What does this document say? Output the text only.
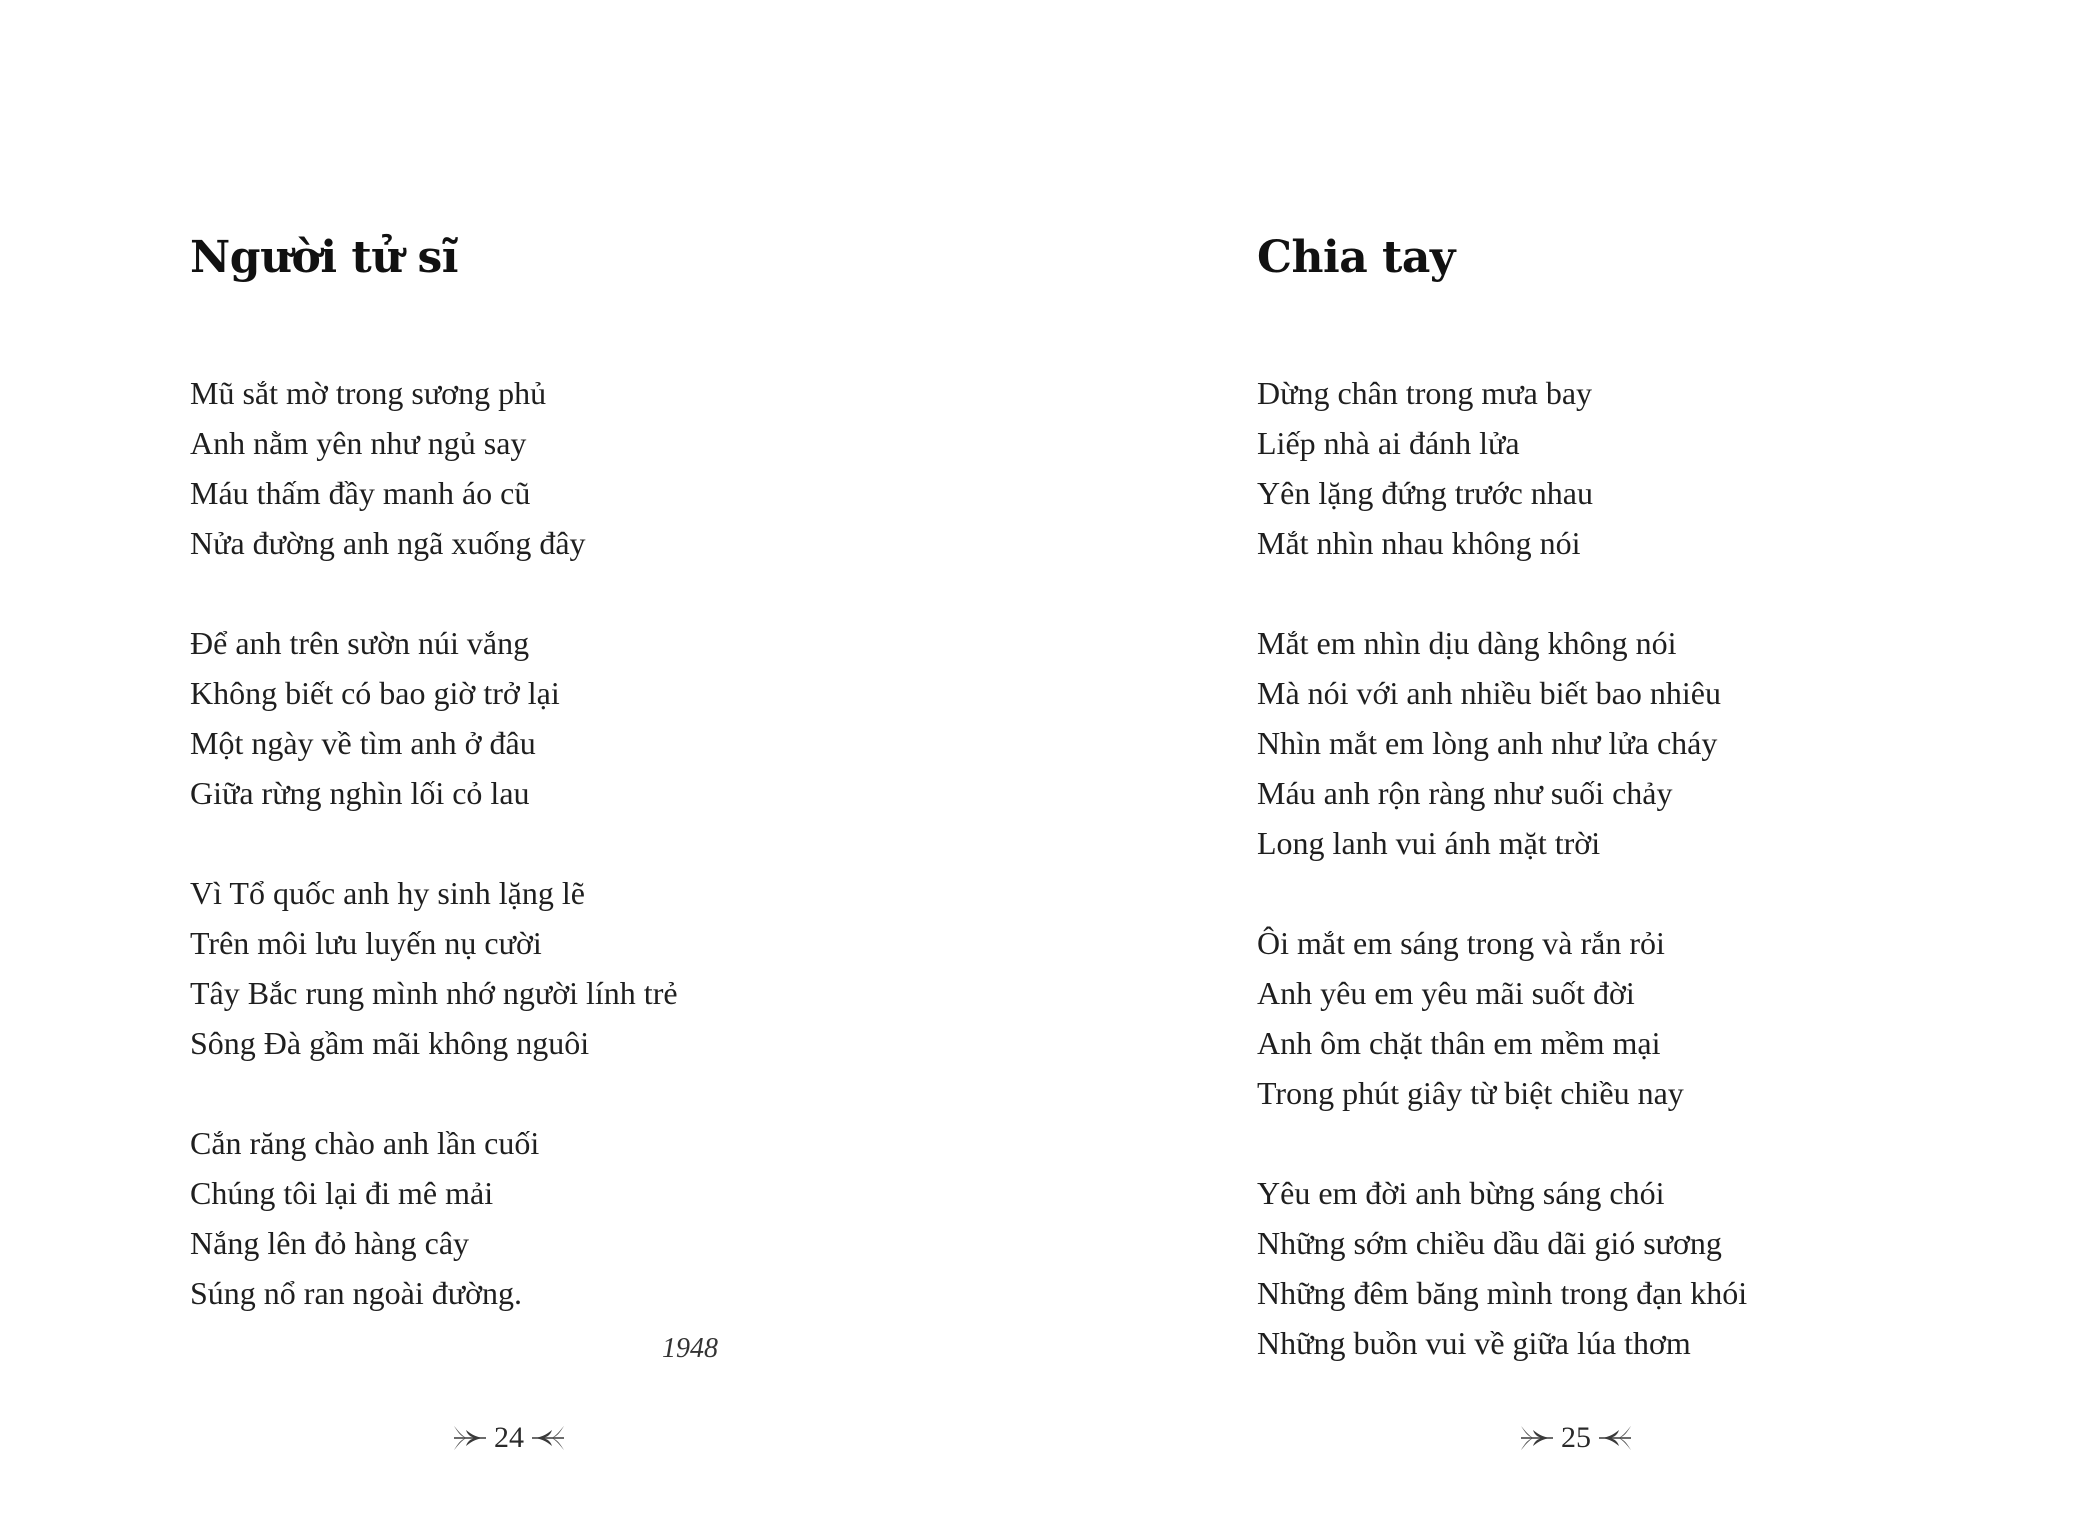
Người tử sĩ
Mũ sắt mờ trong sương phủ
Anh nằm yên như ngủ say
Máu thấm đầy manh áo cũ
Nửa đường anh ngã xuống đây
Để anh trên sườn núi vắng
Không biết có bao giờ trở lại
Một ngày về tìm anh ở đâu
Giữa rừng nghìn lối cỏ lau
Vì Tổ quốc anh hy sinh lặng lẽ
Trên môi lưu luyến nụ cười
Tây Bắc rung mình nhớ người lính trẻ
Sông Đà gầm mãi không nguôi
Cắn răng chào anh lần cuối
Chúng tôi lại đi mê mải
Nắng lên đỏ hàng cây
Súng nổ ran ngoài đường.
1948
24
Chia tay
Dừng chân trong mưa bay
Liếp nhà ai đánh lửa
Yên lặng đứng trước nhau
Mắt nhìn nhau không nói
Mắt em nhìn dịu dàng không nói
Mà nói với anh nhiều biết bao nhiêu
Nhìn mắt em lòng anh như lửa cháy
Máu anh rộn ràng như suối chảy
Long lanh vui ánh mặt trời
Ôi mắt em sáng trong và rắn rỏi
Anh yêu em yêu mãi suốt đời
Anh ôm chặt thân em mềm mại
Trong phút giây từ biệt chiều nay
Yêu em đời anh bừng sáng chói
Những sớm chiều dầu dãi gió sương
Những đêm băng mình trong đạn khói
Những buồn vui về giữa lúa thơm
25
